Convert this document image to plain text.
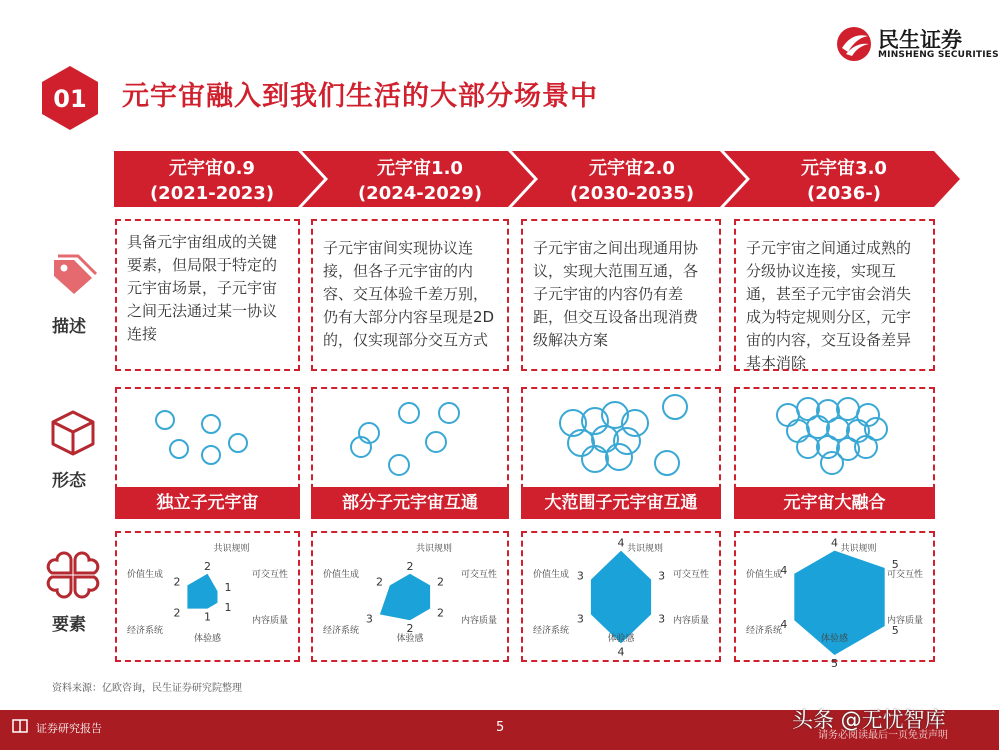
01 元宇宙融入到我们生活的大部分场景中
民生证券
MINSHENG SECURITIES
元宇宙0.9
(2021-2023)
元宇宙1.0
(2024-2029)
元宇宙2.0
(2030-2035)
元宇宙3.0
(2036-)
描述
形态
要素
具备元宇宙组成的关键要素，但局限于特定的元宇宙场景，子元宇宙之间无法通过某一协议连接
子元宇宙间实现协议连接，但各子元宇宙的内容、交互体验千差万别，仍有大部分内容呈现是2D的，仅实现部分交互方式
子元宇宙之间出现通用协议，实现大范围互通，各子元宇宙的内容仍有差距，但交互设备出现消费级解决方案
子元宇宙之间通过成熟的分级协议连接，实现互通，甚至子元宇宙会消失成为特定规则分区，元宇宙的内容，交互设备差异基本消除
独立子元宇宙	部分子元宇宙互通	大范围子元宇宙互通	元宇宙大融合
2
1
1
1
2
2
共识规则
可交互性
内容质量
体验感
经济系统
价值生成
2
2
2
2
3
2
共识规则
可交互性
内容质量
体验感
经济系统
价值生成
4
3
3
4
3
3
共识规则
可交互性
内容质量
体验感
经济系统
价值生成
4
5
5
5
4
4
共识规则
可交互性
内容质量
体验感
经济系统
价值生成
资料来源：亿欧咨询，民生证券研究院整理
证券研究报告	5
请务必阅读最后一页免责声明
头条 @无忧智库
